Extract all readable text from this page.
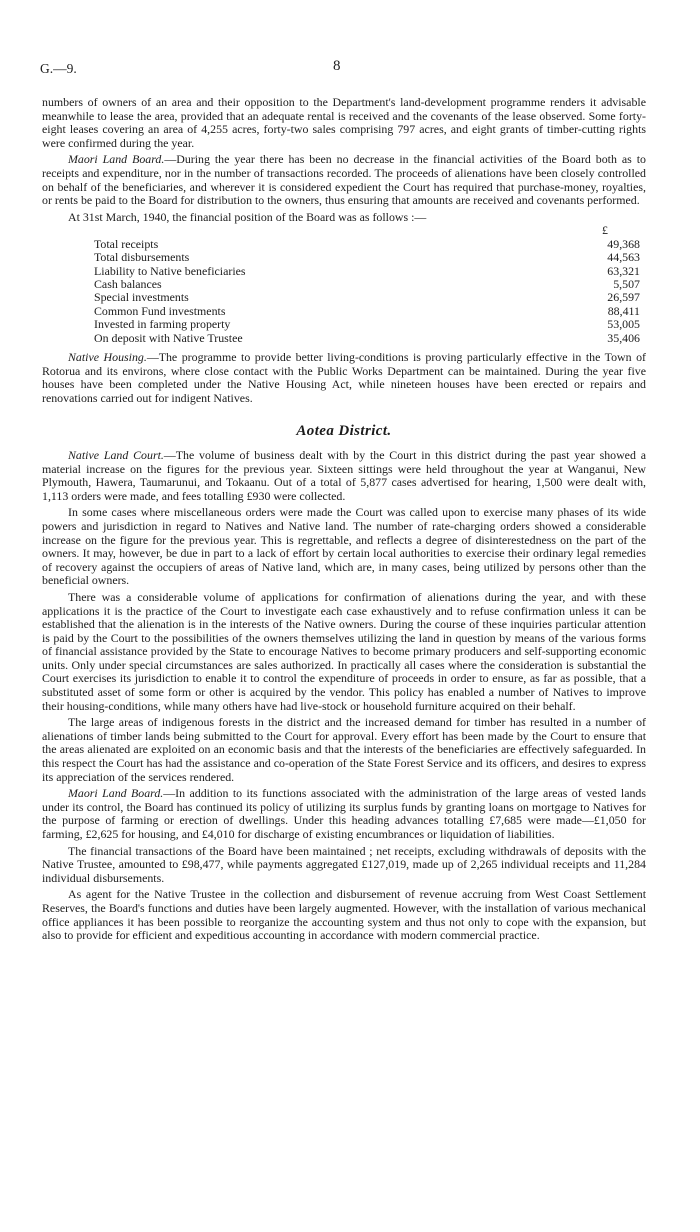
G.—9.	8

numbers of owners of an area and their opposition to the Department's land-development programme renders it advisable meanwhile to lease the area, provided that an adequate rental is received and the covenants of the lease observed. Some forty-eight leases covering an area of 4,255 acres, forty-two sales comprising 797 acres, and eight grants of timber-cutting rights were confirmed during the year.

Maori Land Board.—During the year there has been no decrease in the financial activities of the Board both as to receipts and expenditure, nor in the number of transactions recorded. The proceeds of alienations have been closely controlled on behalf of the beneficiaries, and wherever it is considered expedient the Court has required that purchase-money, royalties, or rents be paid to the Board for distribution to the owners, thus ensuring that amounts are received and covenants performed.

At 31st March, 1940, the financial position of the Board was as follows :—

	£
Total receipts	49,368
Total disbursements	44,563
Liability to Native beneficiaries	63,321
Cash balances	5,507
Special investments	26,597
Common Fund investments	88,411
Invested in farming property	53,005
On deposit with Native Trustee	35,406

Native Housing.—The programme to provide better living-conditions is proving particularly effective in the Town of Rotorua and its environs, where close contact with the Public Works Department can be maintained. During the year five houses have been completed under the Native Housing Act, while nineteen houses have been erected or repairs and renovations carried out for indigent Natives.

Aotea District.

Native Land Court.—The volume of business dealt with by the Court in this district during the past year showed a material increase on the figures for the previous year. Sixteen sittings were held throughout the year at Wanganui, New Plymouth, Hawera, Taumarunui, and Tokaanu. Out of a total of 5,877 cases advertised for hearing, 1,500 were dealt with, 1,113 orders were made, and fees totalling £930 were collected.

In some cases where miscellaneous orders were made the Court was called upon to exercise many phases of its wide powers and jurisdiction in regard to Natives and Native land. The number of rate-charging orders showed a considerable increase on the figure for the previous year. This is regrettable, and reflects a degree of disinterestedness on the part of the owners. It may, however, be due in part to a lack of effort by certain local authorities to exercise their ordinary legal remedies of recovery against the occupiers of areas of Native land, which are, in many cases, being utilized by persons other than the beneficial owners.

There was a considerable volume of applications for confirmation of alienations during the year, and with these applications it is the practice of the Court to investigate each case exhaustively and to refuse confirmation unless it can be established that the alienation is in the interests of the Native owners. During the course of these inquiries particular attention is paid by the Court to the possibilities of the owners themselves utilizing the land in question by means of the various forms of financial assistance provided by the State to encourage Natives to become primary producers and self-supporting economic units. Only under special circumstances are sales authorized. In practically all cases where the consideration is substantial the Court exercises its jurisdiction to enable it to control the expenditure of proceeds in order to ensure, as far as possible, that a substituted asset of some form or other is acquired by the vendor. This policy has enabled a number of Natives to improve their housing-conditions, while many others have had live-stock or household furniture acquired on their behalf.

The large areas of indigenous forests in the district and the increased demand for timber has resulted in a number of alienations of timber lands being submitted to the Court for approval. Every effort has been made by the Court to ensure that the areas alienated are exploited on an economic basis and that the interests of the beneficiaries are effectively safeguarded. In this respect the Court has had the assistance and co-operation of the State Forest Service and its officers, and desires to express its appreciation of the services rendered.

Maori Land Board.—In addition to its functions associated with the administration of the large areas of vested lands under its control, the Board has continued its policy of utilizing its surplus funds by granting loans on mortgage to Natives for the purpose of farming or erection of dwellings. Under this heading advances totalling £7,685 were made—£1,050 for farming, £2,625 for housing, and £4,010 for discharge of existing encumbrances or liquidation of liabilities.

The financial transactions of the Board have been maintained ; net receipts, excluding withdrawals of deposits with the Native Trustee, amounted to £98,477, while payments aggregated £127,019, made up of 2,265 individual receipts and 11,284 individual disbursements.

As agent for the Native Trustee in the collection and disbursement of revenue accruing from West Coast Settlement Reserves, the Board's functions and duties have been largely augmented. However, with the installation of various mechanical office appliances it has been possible to reorganize the accounting system and thus not only to cope with the expansion, but also to provide for efficient and expeditious accounting in accordance with modern commercial practice.
